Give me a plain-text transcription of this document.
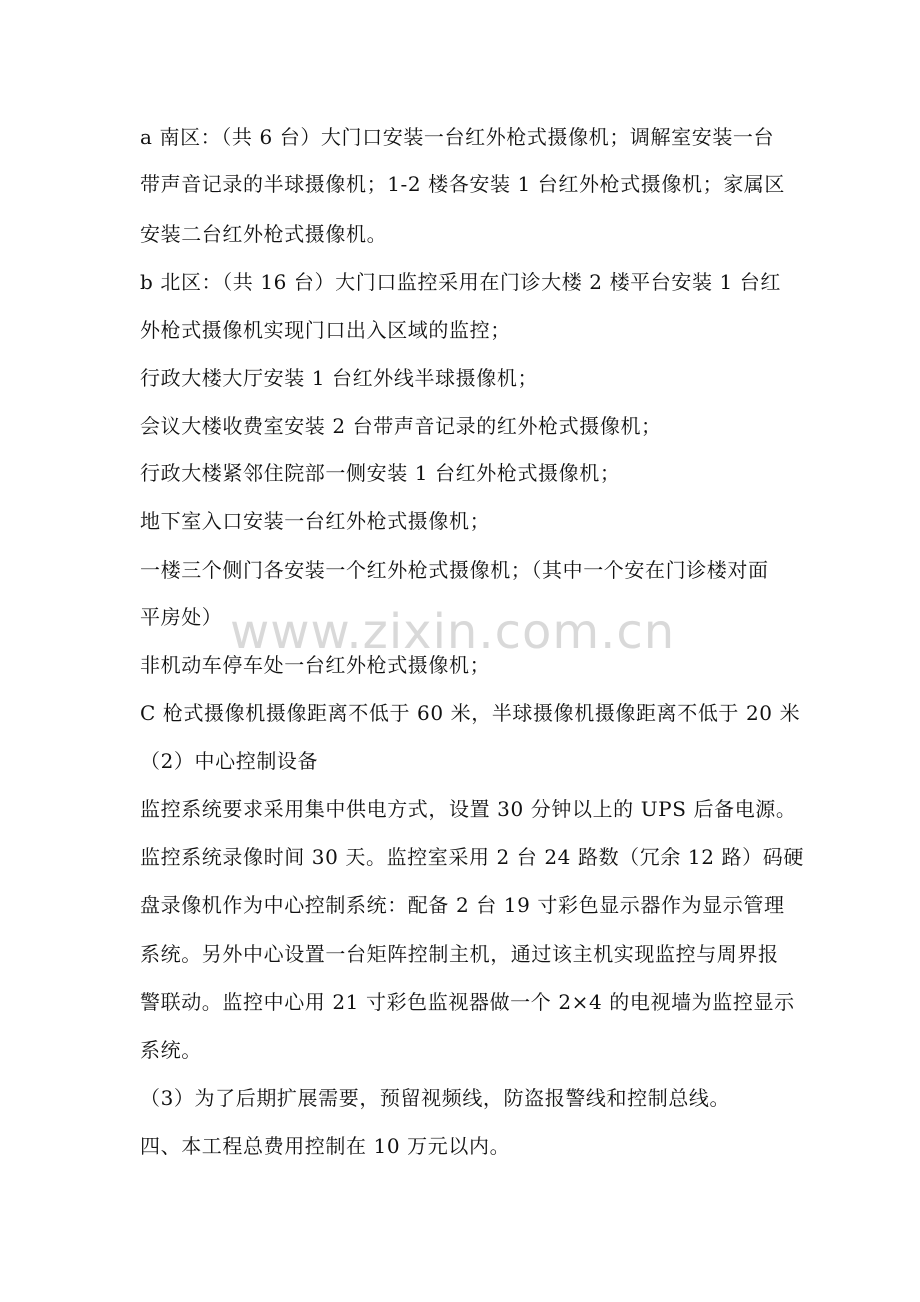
a 南区：（共 6 台）大门口安装一台红外枪式摄像机；调解室安装一台
带声音记录的半球摄像机；1-2 楼各安装 1 台红外枪式摄像机；家属区
安装二台红外枪式摄像机。
b 北区：（共 16 台）大门口监控采用在门诊大楼 2 楼平台安装 1 台红
外枪式摄像机实现门口出入区域的监控；
行政大楼大厅安装 1 台红外线半球摄像机；
会议大楼收费室安装 2 台带声音记录的红外枪式摄像机；
行政大楼紧邻住院部一侧安装 1 台红外枪式摄像机；
地下室入口安装一台红外枪式摄像机；
一楼三个侧门各安装一个红外枪式摄像机；（其中一个安在门诊楼对面
平房处）
非机动车停车处一台红外枪式摄像机；
C 枪式摄像机摄像距离不低于 60 米，半球摄像机摄像距离不低于 20 米
（2）中心控制设备
监控系统要求采用集中供电方式，设置 30 分钟以上的 UPS 后备电源。
监控系统录像时间 30 天。监控室采用 2 台 24 路数（冗余 12 路）码硬
盘录像机作为中心控制系统：配备 2 台 19 寸彩色显示器作为显示管理
系统。另外中心设置一台矩阵控制主机，通过该主机实现监控与周界报
警联动。监控中心用 21 寸彩色监视器做一个 2×4 的电视墙为监控显示
系统。
（3）为了后期扩展需要，预留视频线，防盗报警线和控制总线。
四、本工程总费用控制在 10 万元以内。
www.zixin.com.cn
